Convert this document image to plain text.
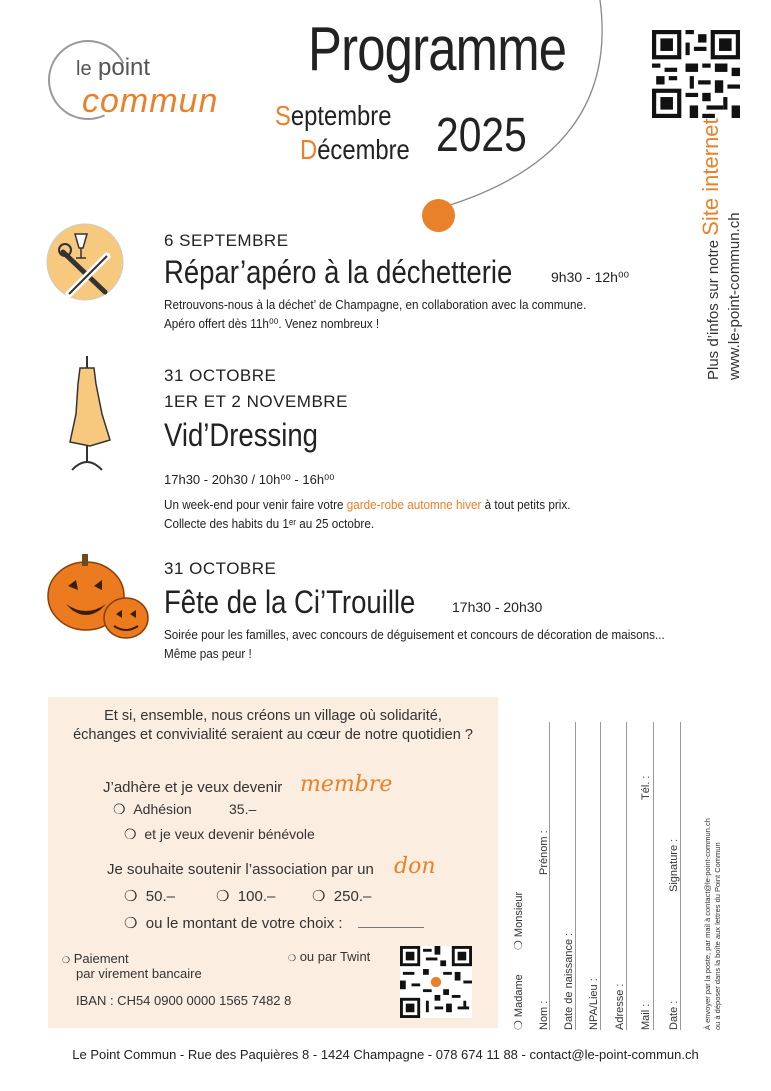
le point
commun
Programme
Septembre
Décembre 2025
Plus d’infos sur notre Site internet
www.le-point-commun.ch
6 SEPTEMBRE
Répar’apéro à la déchetterie	9h30 - 12h⁰⁰
Retrouvons-nous à la déchet’ de Champagne, en collaboration avec la commune.
Apéro offert dès 11h⁰⁰. Venez nombreux !
31 OCTOBRE
1ER ET 2 NOVEMBRE
Vid’Dressing
17h30 - 20h30 / 10h⁰⁰ - 16h⁰⁰
Un week-end pour venir faire votre garde-robe automne hiver à tout petits prix.
Collecte des habits du 1ᵉʳ au 25 octobre.
31 OCTOBRE
Fête de la Ci’Trouille	17h30 - 20h30
Soirée pour les familles, avec concours de déguisement et concours de décoration de maisons...
Même pas peur !
Et si, ensemble, nous créons un village où solidarité,
échanges et convivialité seraient au cœur de notre quotidien ?
J’adhère et je veux devenir membre
❍  Adhésion	35.–
❍  et je veux devenir bénévole
Je souhaite soutenir l’association par un don
❍  50.–	❍  100.– ❍  250.–
❍  ou le montant de votre choix :
❍ Paiement
par virement bancaire
❍ ou par Twint
IBAN : CH54 0900 0000 1565 7482 8
❍ Madame
❍ Monsieur
Nom :
Prénom :
Date de naissance : NPA/Lieu : Adresse : Mail :
Tél. :
Date :
Signature :	À envoyer par la poste, par mail à contact@le-point-commun.ch ou à déposer dans la boîte aux lettres du Point Commun
Le Point Commun - Rue des Paquières 8 - 1424 Champagne - 078 674 11 88 - contact@le-point-commun.ch
